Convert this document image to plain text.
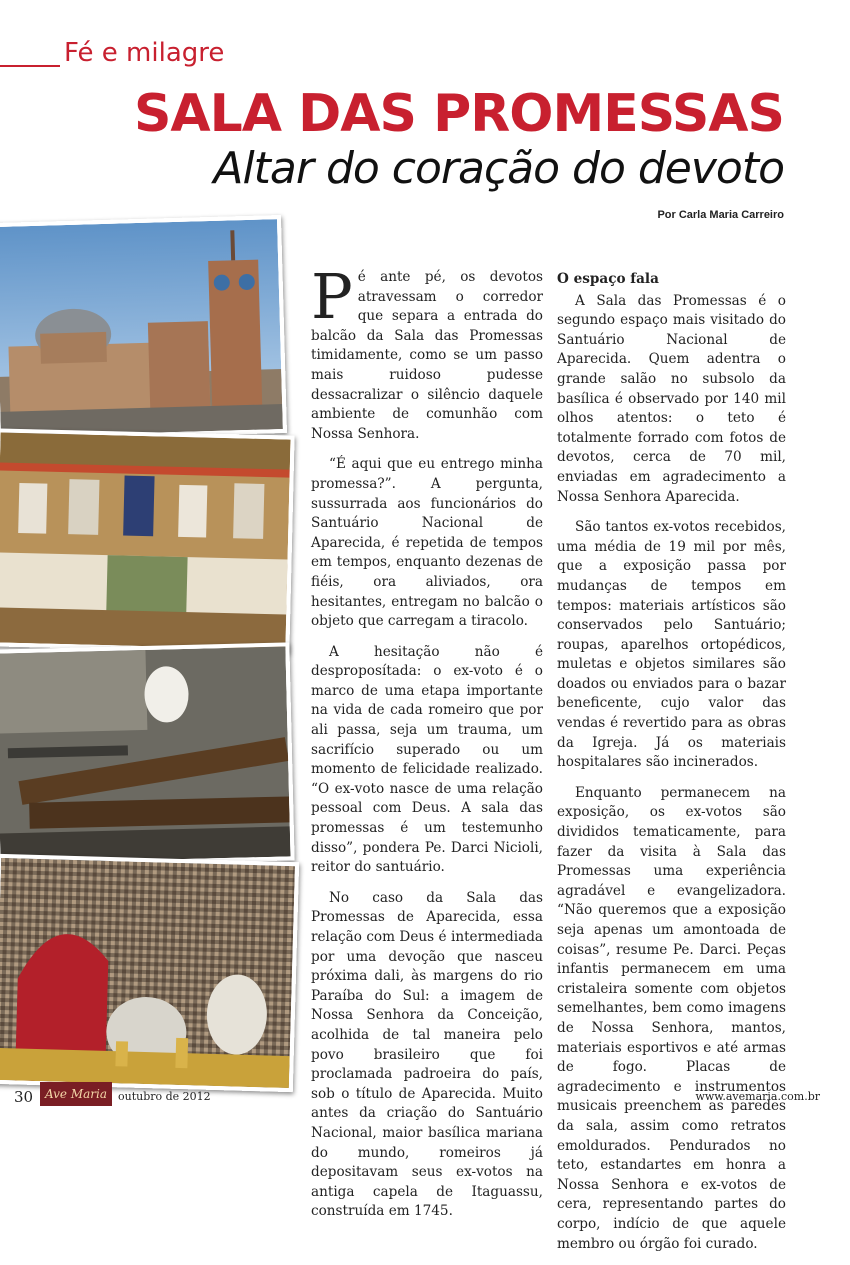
Fé e milagre
SALA DAS PROMESSAS
Altar do coração do devoto
Por Carla Maria Carreiro

Pé ante pé, os devotos atravessam o corredor que separa a entrada do balcão da Sala das Promessas timidamente, como se um passo mais ruidoso pudesse dessacralizar o silêncio daquele ambiente de comunhão com Nossa Senhora.

“É aqui que eu entrego minha promessa?”. A pergunta, sussurrada aos funcionários do Santuário Nacional de Aparecida, é repetida de tempos em tempos, enquanto dezenas de fiéis, ora aliviados, ora hesitantes, entregam no balcão o objeto que carregam a tiracolo.

A hesitação não é desproposítada: o ex-voto é o marco de uma etapa importante na vida de cada romeiro que por ali passa, seja um trauma, um sacrifício superado ou um momento de felicidade realizado. “O ex-voto nasce de uma relação pessoal com Deus. A sala das promessas é um testemunho disso”, pondera Pe. Darci Nicioli, reitor do santuário.

No caso da Sala das Promessas de Aparecida, essa relação com Deus é intermediada por uma devoção que nasceu próxima dali, às margens do rio Paraíba do Sul: a imagem de Nossa Senhora da Conceição, acolhida de tal maneira pelo povo brasileiro que foi proclamada padroeira do país, sob o título de Aparecida. Muito antes da criação do Santuário Nacional, maior basílica mariana do mundo, romeiros já depositavam seus ex-votos na antiga capela de Itaguassu, construída em 1745.

O espaço fala

A Sala das Promessas é o segundo espaço mais visitado do Santuário Nacional de Aparecida. Quem adentra o grande salão no subsolo da basílica é observado por 140 mil olhos atentos: o teto é totalmente forrado com fotos de devotos, cerca de 70 mil, enviadas em agradecimento a Nossa Senhora Aparecida.

São tantos ex-votos recebidos, uma média de 19 mil por mês, que a exposição passa por mudanças de tempos em tempos: materiais artísticos são conservados pelo Santuário; roupas, aparelhos ortopédicos, muletas e objetos similares são doados ou enviados para o bazar beneficente, cujo valor das vendas é revertido para as obras da Igreja. Já os materiais hospitalares são incinerados.

Enquanto permanecem na exposição, os ex-votos são divididos tematicamente, para fazer da visita à Sala das Promessas uma experiência agradável e evangelizadora. “Não queremos que a exposição seja apenas um amontoada de coisas”, resume Pe. Darci. Peças infantis permanecem em uma cristaleira somente com objetos semelhantes, bem como imagens de Nossa Senhora, mantos, materiais esportivos e até armas de fogo. Placas de agradecimento e instrumentos musicais preenchem as paredes da sala, assim como retratos emoldurados. Pendurados no teto, estandartes em honra a Nossa Senhora e ex-votos de cera, representando partes do corpo, indício de que aquele membro ou órgão foi curado.

30 Ave Maria outubro de 2012	www.avemaria.com.br
